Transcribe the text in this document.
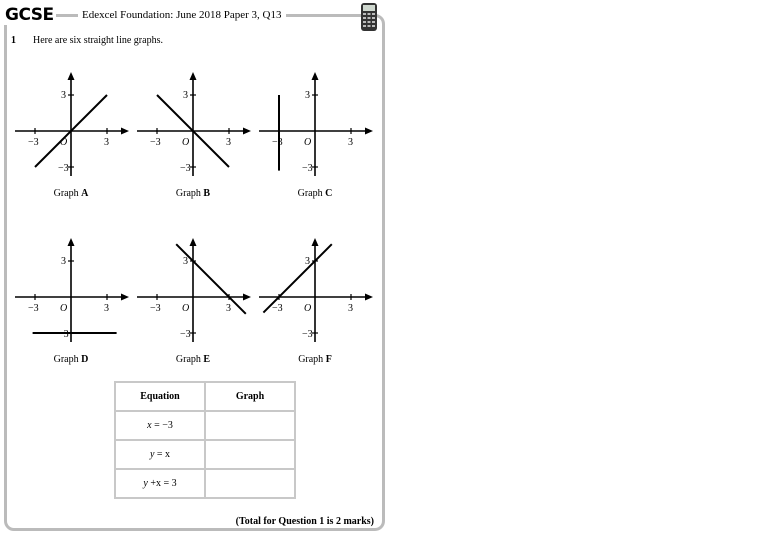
GCSE	Edexcel Foundation: June 2018 Paper 3, Q13
1 Here are six straight line graphs.
−3	3
3
−3
O	−3	3
3
−3
O	−3	3
3
−3
O
−3	3
3
−3
O	−3	3
3
−3
O	−3	3
3
−3
O
Graph A	Graph B	Graph C
Graph D	Graph E	Graph F
Equation	Graph
x = −3	
y = x	
y +x = 3	
(Total for Question 1 is 2 marks)
